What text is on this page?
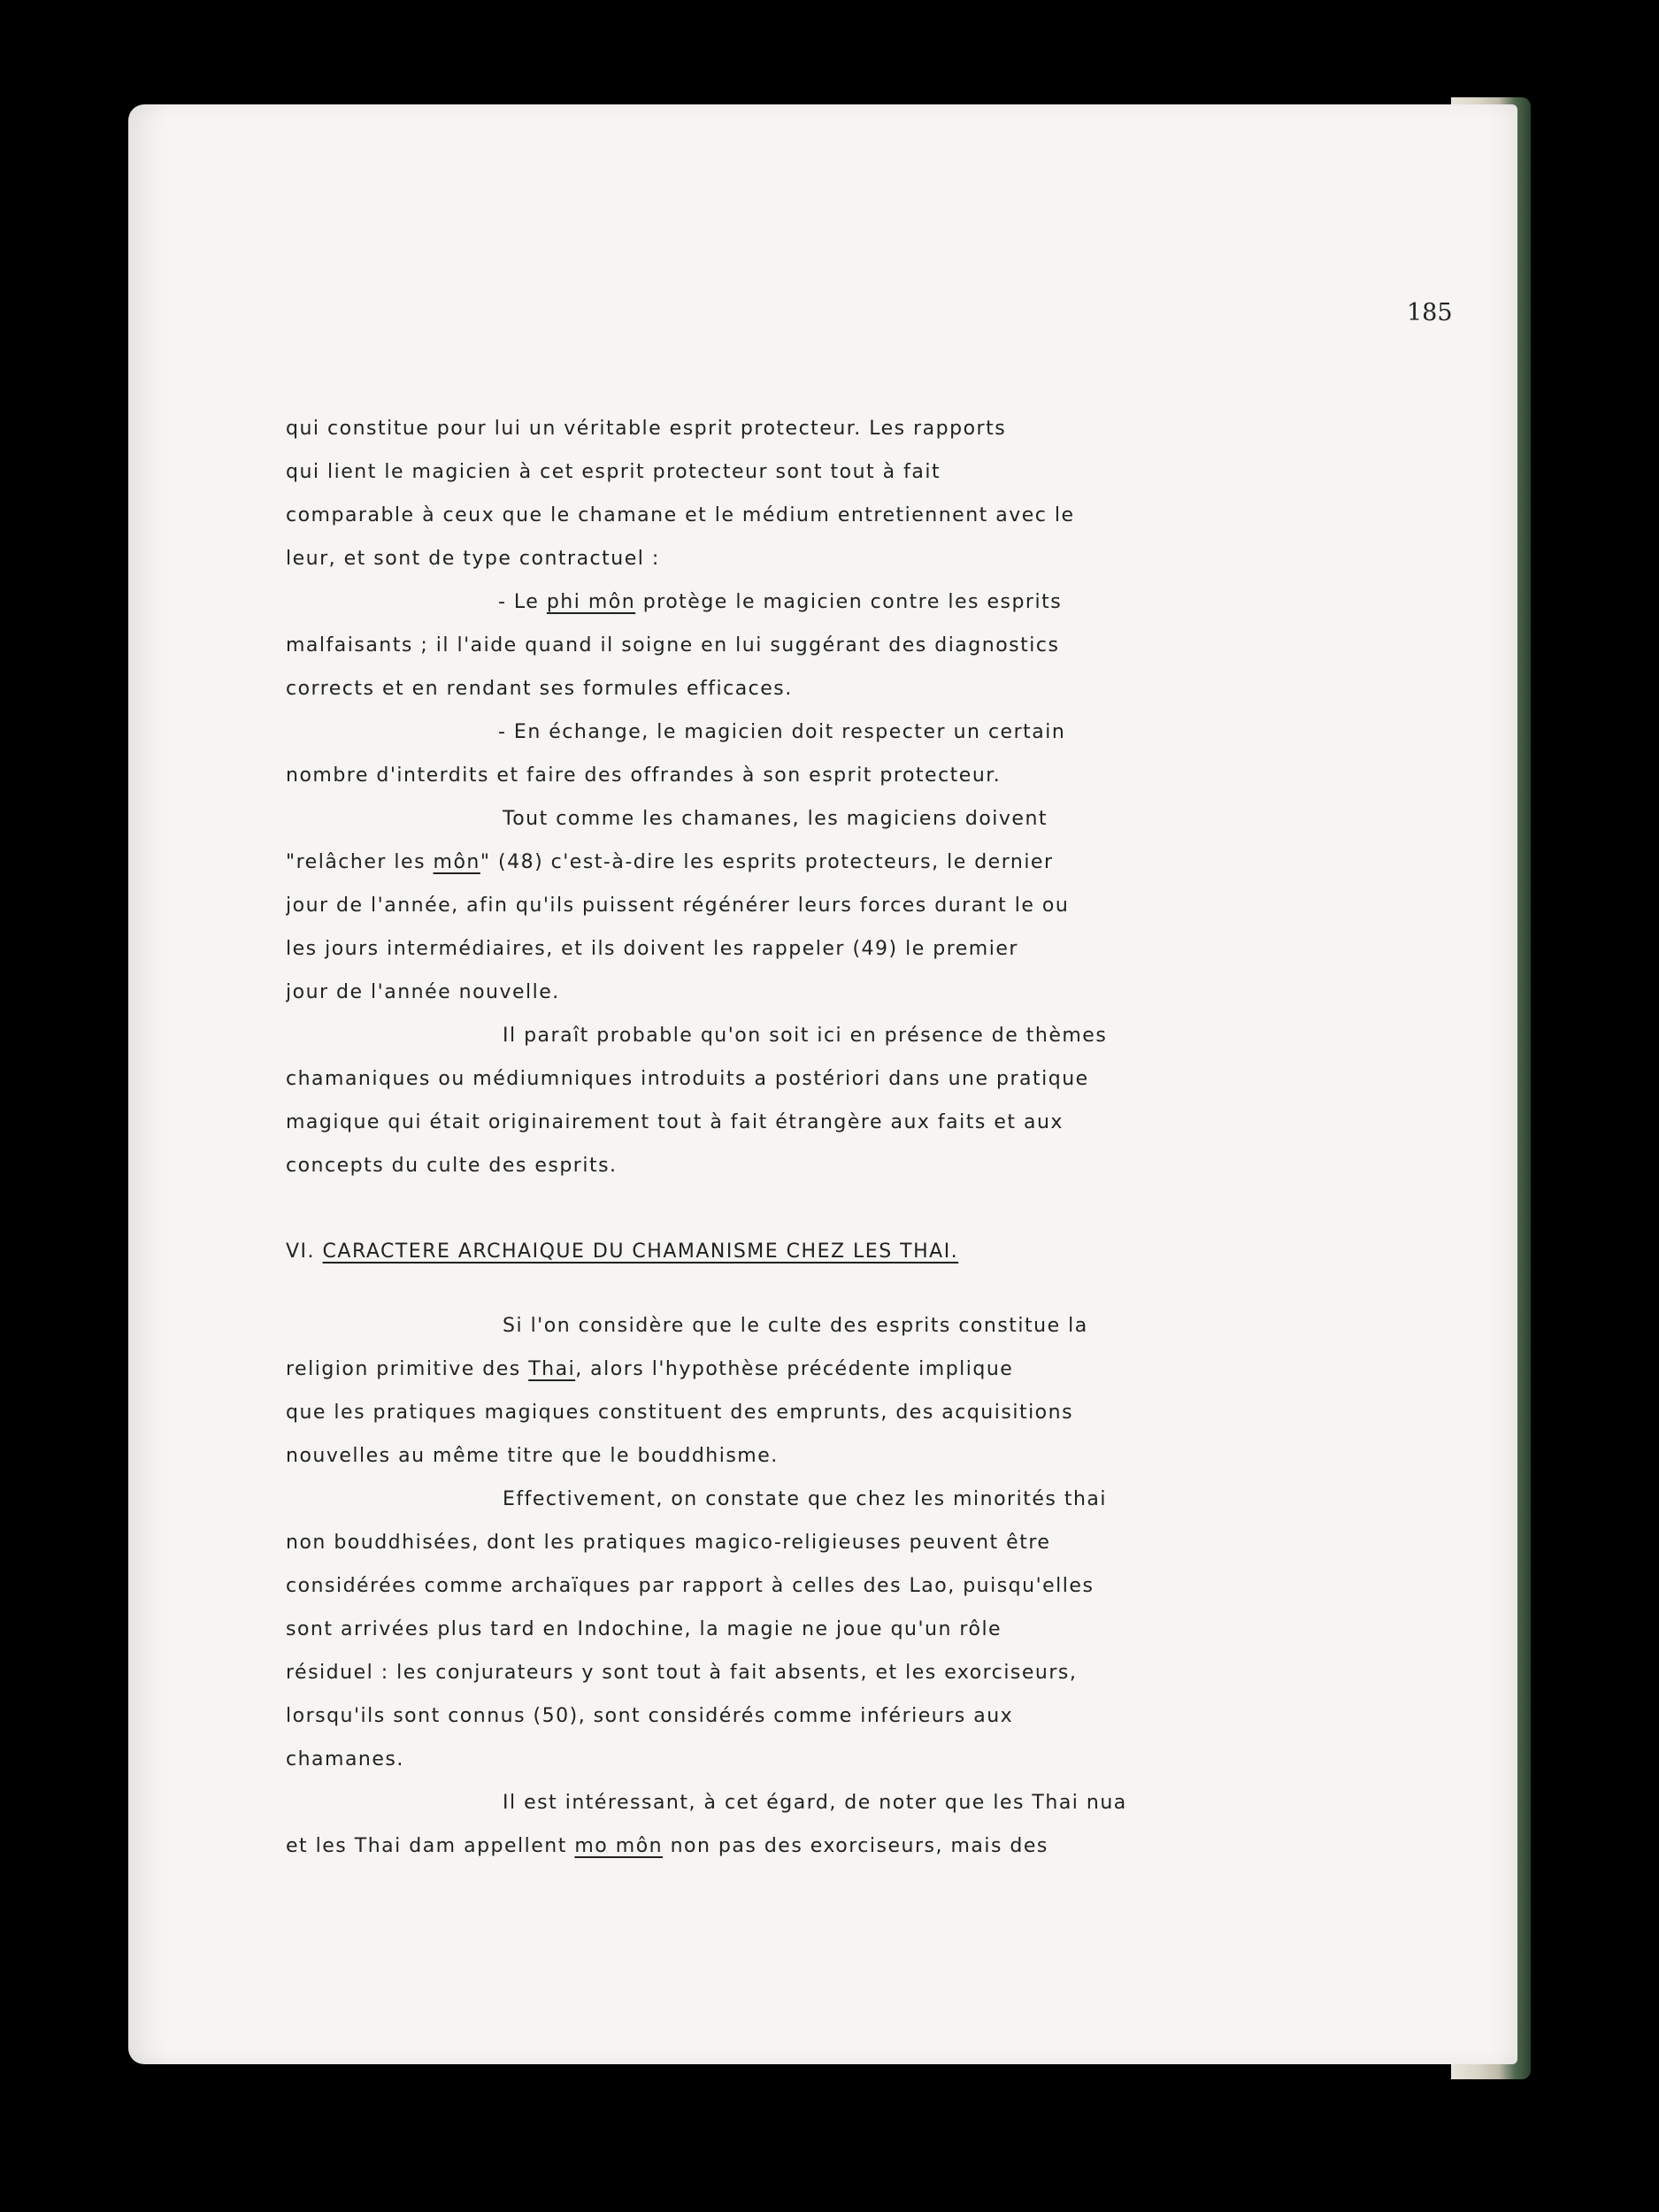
185
qui constitue pour lui un véritable esprit protecteur. Les rapports
qui lient le magicien à cet esprit protecteur sont tout à fait
comparable à ceux que le chamane et le médium entretiennent avec le
leur, et sont de type contractuel :
- Le phi môn protège le magicien contre les esprits
malfaisants ; il l'aide quand il soigne en lui suggérant des diagnostics
corrects et en rendant ses formules efficaces.
- En échange, le magicien doit respecter un certain
nombre d'interdits et faire des offrandes à son esprit protecteur.
Tout comme les chamanes, les magiciens doivent
"relâcher les môn" (48) c'est-à-dire les esprits protecteurs, le dernier
jour de l'année, afin qu'ils puissent régénérer leurs forces durant le ou
les jours intermédiaires, et ils doivent les rappeler (49) le premier
jour de l'année nouvelle.
Il paraît probable qu'on soit ici en présence de thèmes
chamaniques ou médiumniques introduits a postériori dans une pratique
magique qui était originairement tout à fait étrangère aux faits et aux
concepts du culte des esprits.
VI. CARACTERE ARCHAIQUE DU CHAMANISME CHEZ LES THAI.
Si l'on considère que le culte des esprits constitue la
religion primitive des Thai, alors l'hypothèse précédente implique
que les pratiques magiques constituent des emprunts, des acquisitions
nouvelles au même titre que le bouddhisme.
Effectivement, on constate que chez les minorités thai
non bouddhisées, dont les pratiques magico-religieuses peuvent être
considérées comme archaïques par rapport à celles des Lao, puisqu'elles
sont arrivées plus tard en Indochine, la magie ne joue qu'un rôle
résiduel : les conjurateurs y sont tout à fait absents, et les exorciseurs,
lorsqu'ils sont connus (50), sont considérés comme inférieurs aux
chamanes.
Il est intéressant, à cet égard, de noter que les Thai nua
et les Thai dam appellent mo môn non pas des exorciseurs, mais des
